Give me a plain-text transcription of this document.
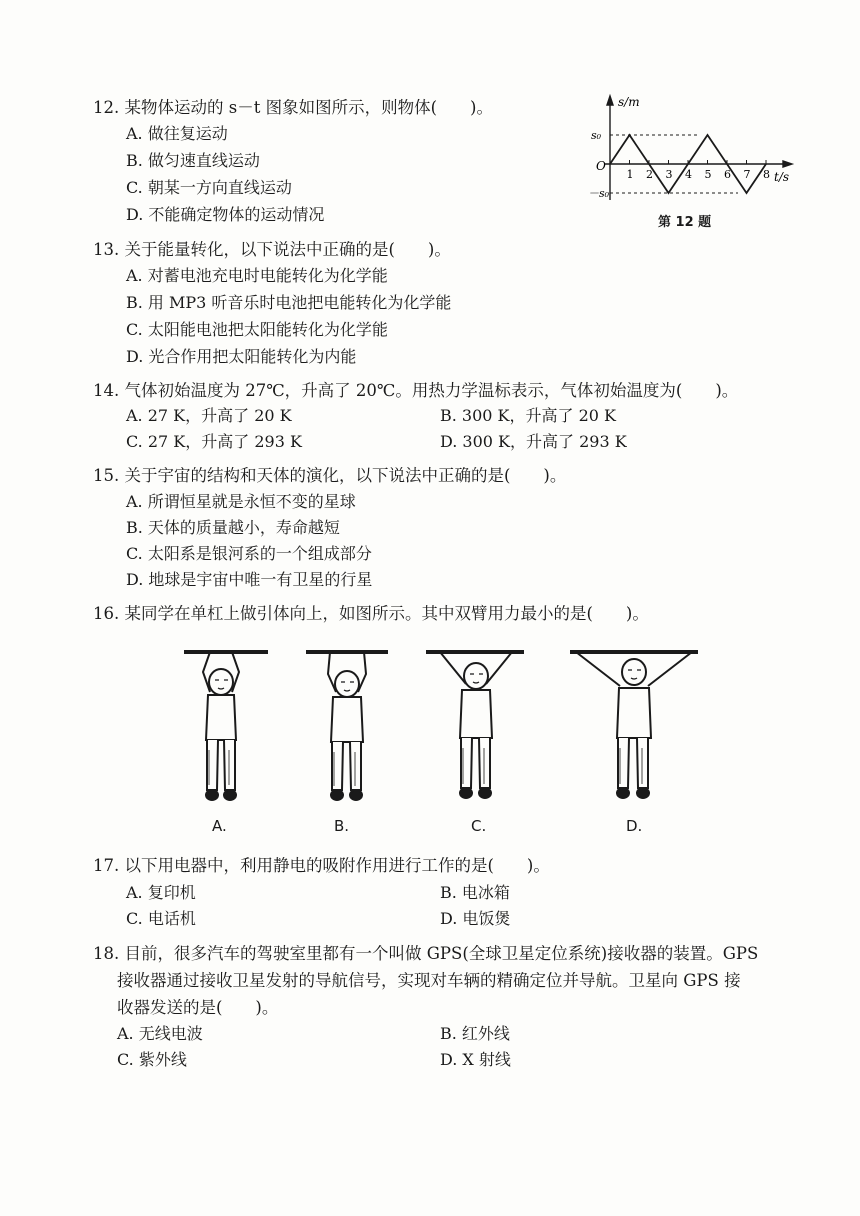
12. 某物体运动的 s－t 图象如图所示，则物体(　　)。
A. 做往复运动
B. 做匀速直线运动
C. 朝某一方向直线运动
D. 不能确定物体的运动情况
1 2 3 4 5 6 7 8
s/m
t/s
O
s₀
－s₀
第 12 题
13. 关于能量转化，以下说法中正确的是(　　)。
A. 对蓄电池充电时电能转化为化学能
B. 用 MP3 听音乐时电池把电能转化为化学能
C. 太阳能电池把太阳能转化为化学能
D. 光合作用把太阳能转化为内能
14. 气体初始温度为 27℃，升高了 20℃。用热力学温标表示，气体初始温度为(　　)。
A. 27 K，升高了 20 K	B. 300 K，升高了 20 K
C. 27 K，升高了 293 K	D. 300 K，升高了 293 K
15. 关于宇宙的结构和天体的演化，以下说法中正确的是(　　)。
A. 所谓恒星就是永恒不变的星球
B. 天体的质量越小，寿命越短
C. 太阳系是银河系的一个组成部分
D. 地球是宇宙中唯一有卫星的行星
16. 某同学在单杠上做引体向上，如图所示。其中双臂用力最小的是(　　)。
A.	B.	C.	D.
17. 以下用电器中，利用静电的吸附作用进行工作的是(　　)。
A. 复印机	B. 电冰箱
C. 电话机	D. 电饭煲
18. 目前，很多汽车的驾驶室里都有一个叫做 GPS(全球卫星定位系统)接收器的装置。GPS
接收器通过接收卫星发射的导航信号，实现对车辆的精确定位并导航。卫星向 GPS 接
收器发送的是(　　)。
A. 无线电波	B. 红外线
C. 紫外线	D. X 射线
